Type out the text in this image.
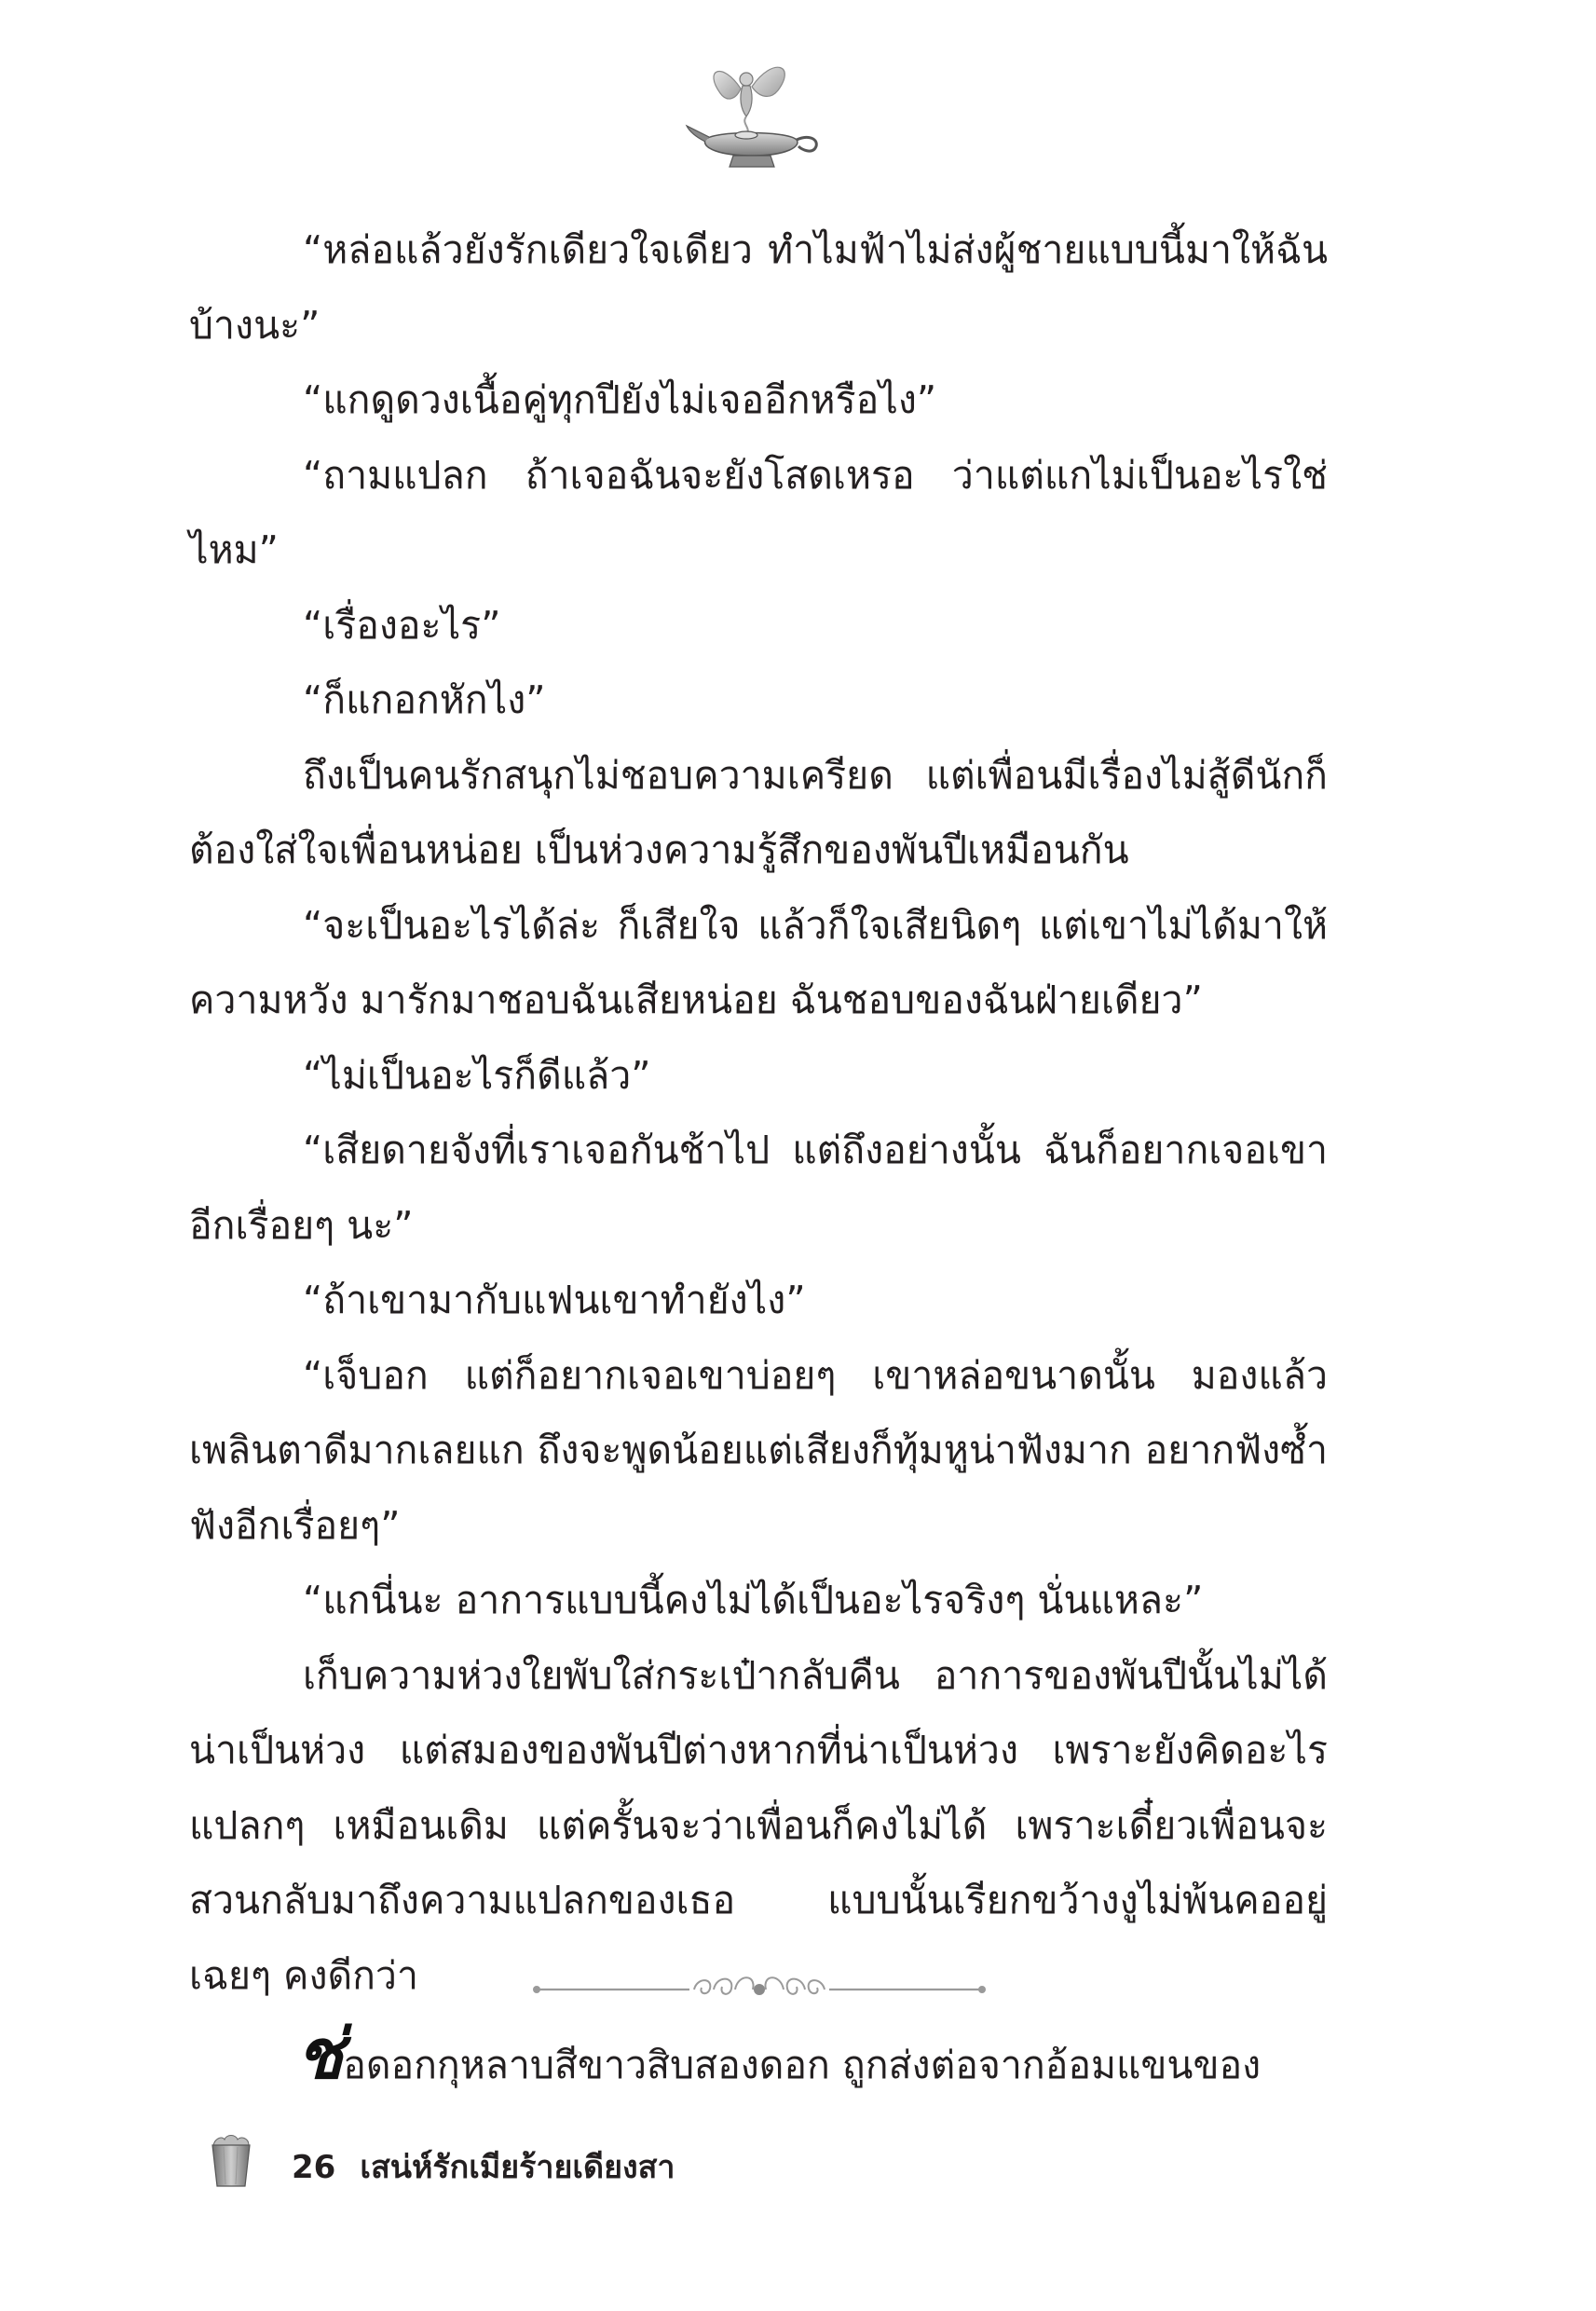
“หล่อแล้วยังรักเดียวใจเดียว ทำไมฟ้าไม่ส่งผู้ชายแบบนี้มาให้ฉันบ้างนะ”

“แกดูดวงเนื้อคู่ทุกปียังไม่เจออีกหรือไง”

“ถามแปลก ถ้าเจอฉันจะยังโสดเหรอ ว่าแต่แกไม่เป็นอะไรใช่ไหม”

“เรื่องอะไร”

“ก็แกอกหักไง”

ถึงเป็นคนรักสนุกไม่ชอบความเครียด แต่เพื่อนมีเรื่องไม่สู้ดีนักก็ต้องใส่ใจเพื่อนหน่อย เป็นห่วงความรู้สึกของพันปีเหมือนกัน

“จะเป็นอะไรได้ล่ะ ก็เสียใจ แล้วก็ใจเสียนิดๆ แต่เขาไม่ได้มาให้ความหวัง มารักมาชอบฉันเสียหน่อย ฉันชอบของฉันฝ่ายเดียว”

“ไม่เป็นอะไรก็ดีแล้ว”

“เสียดายจังที่เราเจอกันช้าไป แต่ถึงอย่างนั้น ฉันก็อยากเจอเขาอีกเรื่อยๆ นะ”

“ถ้าเขามากับแฟนเขาทำยังไง”

“เจ็บอก แต่ก็อยากเจอเขาบ่อยๆ เขาหล่อขนาดนั้น มองแล้วเพลินตาดีมากเลยแก ถึงจะพูดน้อยแต่เสียงก็ทุ้มหูน่าฟังมาก อยากฟังซ้ำฟังอีกเรื่อยๆ”

“แกนี่นะ อาการแบบนี้คงไม่ได้เป็นอะไรจริงๆ นั่นแหละ”

เก็บความห่วงใยพับใส่กระเป๋ากลับคืน อาการของพันปีนั้นไม่ได้น่าเป็นห่วง แต่สมองของพันปีต่างหากที่น่าเป็นห่วง เพราะยังคิดอะไรแปลกๆ เหมือนเดิม แต่ครั้นจะว่าเพื่อนก็คงไม่ได้ เพราะเดี๋ยวเพื่อนจะสวนกลับมาถึงความแปลกของเธอ แบบนั้นเรียกขว้างงูไม่พ้นคออยู่เฉยๆ คงดีกว่า

ช่อดอกกุหลาบสีขาวสิบสองดอก ถูกส่งต่อจากอ้อมแขนของ
26 เสน่ห์รักเมียร้ายเดียงสา
